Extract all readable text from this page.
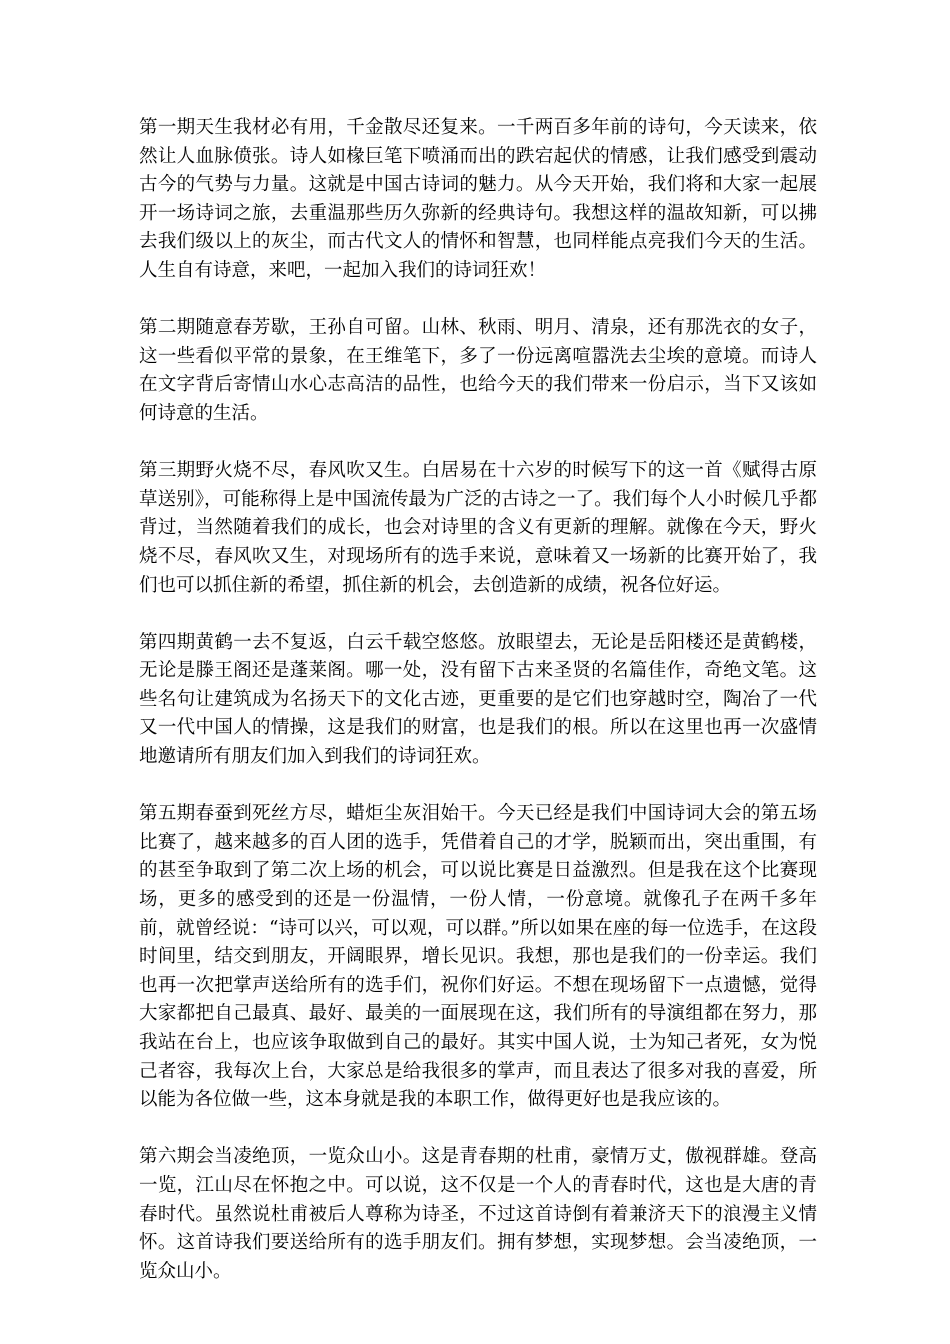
第一期天生我材必有用，千金散尽还复来。一千两百多年前的诗句，今天读来，依然让人血脉偾张。诗人如椽巨笔下喷涌而出的跌宕起伏的情感，让我们感受到震动古今的气势与力量。这就是中国古诗词的魅力。从今天开始，我们将和大家一起展开一场诗词之旅，去重温那些历久弥新的经典诗句。我想这样的温故知新，可以拂去我们级以上的灰尘，而古代文人的情怀和智慧，也同样能点亮我们今天的生活。人生自有诗意，来吧，一起加入我们的诗词狂欢！

第二期随意春芳歇，王孙自可留。山林、秋雨、明月、清泉，还有那洗衣的女子，这一些看似平常的景象，在王维笔下，多了一份远离喧嚣洗去尘埃的意境。而诗人在文字背后寄情山水心志高洁的品性，也给今天的我们带来一份启示，当下又该如何诗意的生活。

第三期野火烧不尽，春风吹又生。白居易在十六岁的时候写下的这一首《赋得古原草送别》，可能称得上是中国流传最为广泛的古诗之一了。我们每个人小时候几乎都背过，当然随着我们的成长，也会对诗里的含义有更新的理解。就像在今天，野火烧不尽，春风吹又生，对现场所有的选手来说，意味着又一场新的比赛开始了，我们也可以抓住新的希望，抓住新的机会，去创造新的成绩，祝各位好运。

第四期黄鹤一去不复返，白云千载空悠悠。放眼望去，无论是岳阳楼还是黄鹤楼，无论是滕王阁还是蓬莱阁。哪一处，没有留下古来圣贤的名篇佳作，奇绝文笔。这些名句让建筑成为名扬天下的文化古迹，更重要的是它们也穿越时空，陶冶了一代又一代中国人的情操，这是我们的财富，也是我们的根。所以在这里也再一次盛情地邀请所有朋友们加入到我们的诗词狂欢。

第五期春蚕到死丝方尽，蜡炬尘灰泪始干。今天已经是我们中国诗词大会的第五场比赛了，越来越多的百人团的选手，凭借着自己的才学，脱颖而出，突出重围，有的甚至争取到了第二次上场的机会，可以说比赛是日益激烈。但是我在这个比赛现场，更多的感受到的还是一份温情，一份人情，一份意境。就像孔子在两千多年前，就曾经说：“诗可以兴，可以观，可以群。”所以如果在座的每一位选手，在这段时间里，结交到朋友，开阔眼界，增长见识。我想，那也是我们的一份幸运。我们也再一次把掌声送给所有的选手们，祝你们好运。不想在现场留下一点遗憾，觉得大家都把自己最真、最好、最美的一面展现在这，我们所有的导演组都在努力，那我站在台上，也应该争取做到自己的最好。其实中国人说，士为知己者死，女为悦己者容，我每次上台，大家总是给我很多的掌声，而且表达了很多对我的喜爱，所以能为各位做一些，这本身就是我的本职工作，做得更好也是我应该的。

第六期会当凌绝顶，一览众山小。这是青春期的杜甫，豪情万丈，傲视群雄。登高一览，江山尽在怀抱之中。可以说，这不仅是一个人的青春时代，这也是大唐的青春时代。虽然说杜甫被后人尊称为诗圣，不过这首诗倒有着兼济天下的浪漫主义情怀。这首诗我们要送给所有的选手朋友们。拥有梦想，实现梦想。会当凌绝顶，一览众山小。
